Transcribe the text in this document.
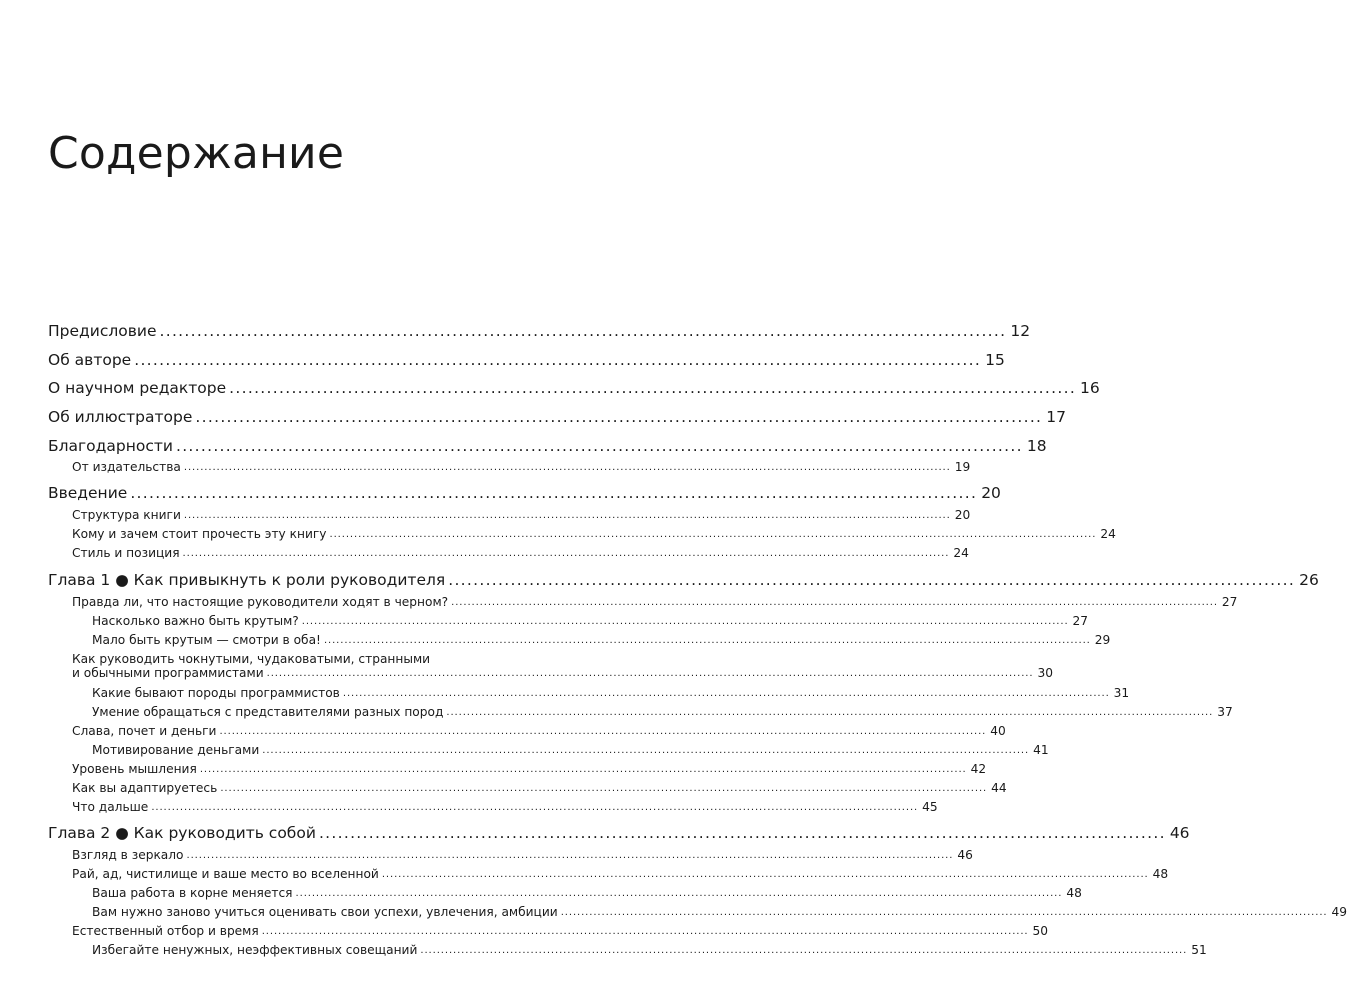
Содержание
Предисловие ........................................................................................................................................ 12
Об авторе ........................................................................................................................................ 15
О научном редакторе ........................................................................................................................................ 16
Об иллюстраторе ........................................................................................................................................ 17
Благодарности ........................................................................................................................................ 18
От издательства ............................................................................................................................................................................................ 19
Введение ........................................................................................................................................ 20
Структура книги ............................................................................................................................................................................................ 20
Кому и зачем стоит прочесть эту книгу ............................................................................................................................................................................................ 24
Стиль и позиция ............................................................................................................................................................................................ 24
Глава 1 ● Как привыкнуть к роли руководителя ........................................................................................................................................ 26
Правда ли, что настоящие руководители ходят в черном? ............................................................................................................................................................................................ 27
Насколько важно быть крутым? ............................................................................................................................................................................................ 27
Мало быть крутым — смотри в оба! ............................................................................................................................................................................................ 29
Как руководить чокнутыми, чудаковатыми, странными
и обычными программистами ............................................................................................................................................................................................ 30
Какие бывают породы программистов ............................................................................................................................................................................................ 31
Умение обращаться с представителями разных пород ............................................................................................................................................................................................ 37
Слава, почет и деньги ............................................................................................................................................................................................ 40
Мотивирование деньгами ............................................................................................................................................................................................ 41
Уровень мышления ............................................................................................................................................................................................ 42
Как вы адаптируетесь ............................................................................................................................................................................................ 44
Что дальше ............................................................................................................................................................................................ 45
Глава 2 ● Как руководить собой ........................................................................................................................................ 46
Взгляд в зеркало ............................................................................................................................................................................................ 46
Рай, ад, чистилище и ваше место во вселенной ............................................................................................................................................................................................ 48
Ваша работа в корне меняется ............................................................................................................................................................................................ 48
Вам нужно заново учиться оценивать свои успехи, увлечения, амбиции ............................................................................................................................................................................................ 49
Естественный отбор и время ............................................................................................................................................................................................ 50
Избегайте ненужных, неэффективных совещаний ............................................................................................................................................................................................ 51
